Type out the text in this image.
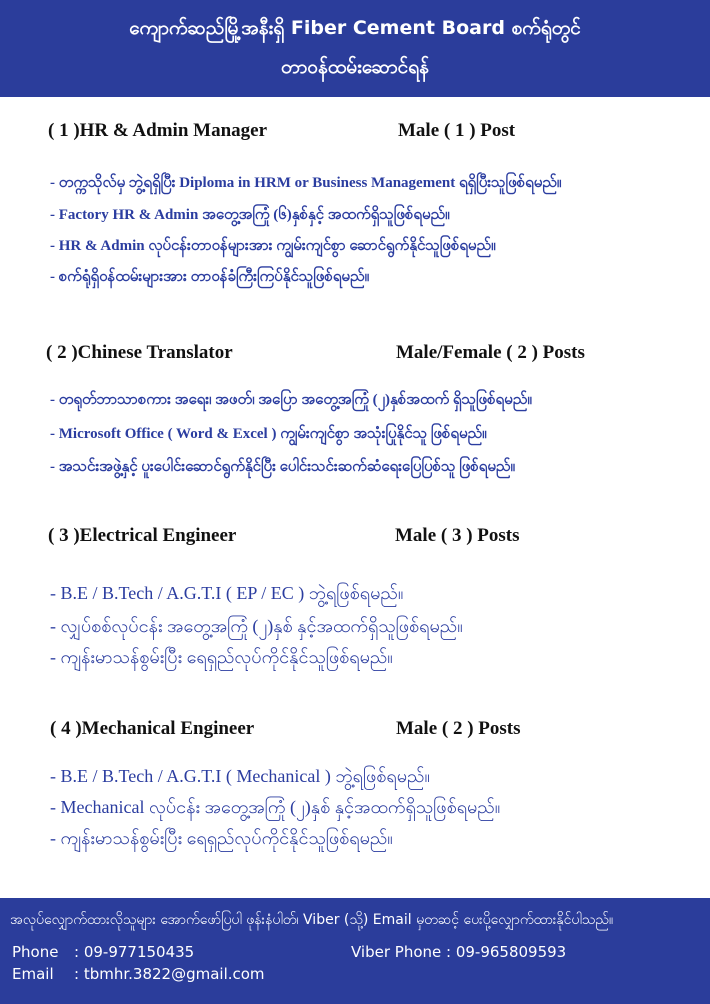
ကျောက်ဆည်မြို့အနီးရှိ Fiber Cement Board စက်ရုံတွင်
တာဝန်ထမ်းဆောင်ရန်
( 1 )HR & Admin Manager	Male ( 1 ) Post
- တက္ကသိုလ်မှ ဘွဲ့ရရှိပြီး Diploma in HRM or Business Management ရရှိပြီးသူဖြစ်ရမည်။
- Factory HR & Admin အတွေ့အကြုံ (၆)နှစ်နှင့် အထက်ရှိသူဖြစ်ရမည်။
- HR & Admin လုပ်ငန်းတာဝန်များအား ကျွမ်းကျင်စွာ ဆောင်ရွက်နိုင်သူဖြစ်ရမည်။
- စက်ရုံရှိဝန်ထမ်းများအား တာဝန်ခံကြီးကြပ်နိုင်သူဖြစ်ရမည်။
( 2 )Chinese Translator	Male/Female ( 2 ) Posts
- တရုတ်ဘာသာစကား အရေး၊ အဖတ်၊ အပြော အတွေ့အကြုံ (၂)နှစ်အထက် ရှိသူဖြစ်ရမည်။
- Microsoft Office ( Word & Excel ) ကျွမ်းကျင်စွာ အသုံးပြုနိုင်သူ ဖြစ်ရမည်။
- အသင်းအဖွဲ့နှင့် ပူးပေါင်းဆောင်ရွက်နိုင်ပြီး ပေါင်းသင်းဆက်ဆံရေးပြေပြစ်သူ ဖြစ်ရမည်။
( 3 )Electrical Engineer	Male ( 3 ) Posts
- B.E / B.Tech / A.G.T.I ( EP / EC ) ဘွဲ့ရဖြစ်ရမည်။
- လျှပ်စစ်လုပ်ငန်း အတွေ့အကြုံ (၂)နှစ် နှင့်အထက်ရှိသူဖြစ်ရမည်။
- ကျန်းမာသန်စွမ်းပြီး ရေရှည်လုပ်ကိုင်နိုင်သူဖြစ်ရမည်။
( 4 )Mechanical Engineer	Male ( 2 ) Posts
- B.E / B.Tech / A.G.T.I ( Mechanical ) ဘွဲ့ရဖြစ်ရမည်။
- Mechanical လုပ်ငန်း အတွေ့အကြုံ (၂)နှစ် နှင့်အထက်ရှိသူဖြစ်ရမည်။
- ကျန်းမာသန်စွမ်းပြီး ရေရှည်လုပ်ကိုင်နိုင်သူဖြစ်ရမည်။
အလုပ်လျှောက်ထားလိုသူများ အောက်ဖော်ပြပါ ဖုန်းနံပါတ်၊ Viber (သို့) Email မှတဆင့် ပေးပို့လျှောက်ထားနိုင်ပါသည်။
Phone : 09-977150435
Email : tbmhr.3822@gmail.com
Viber Phone : 09-965809593
